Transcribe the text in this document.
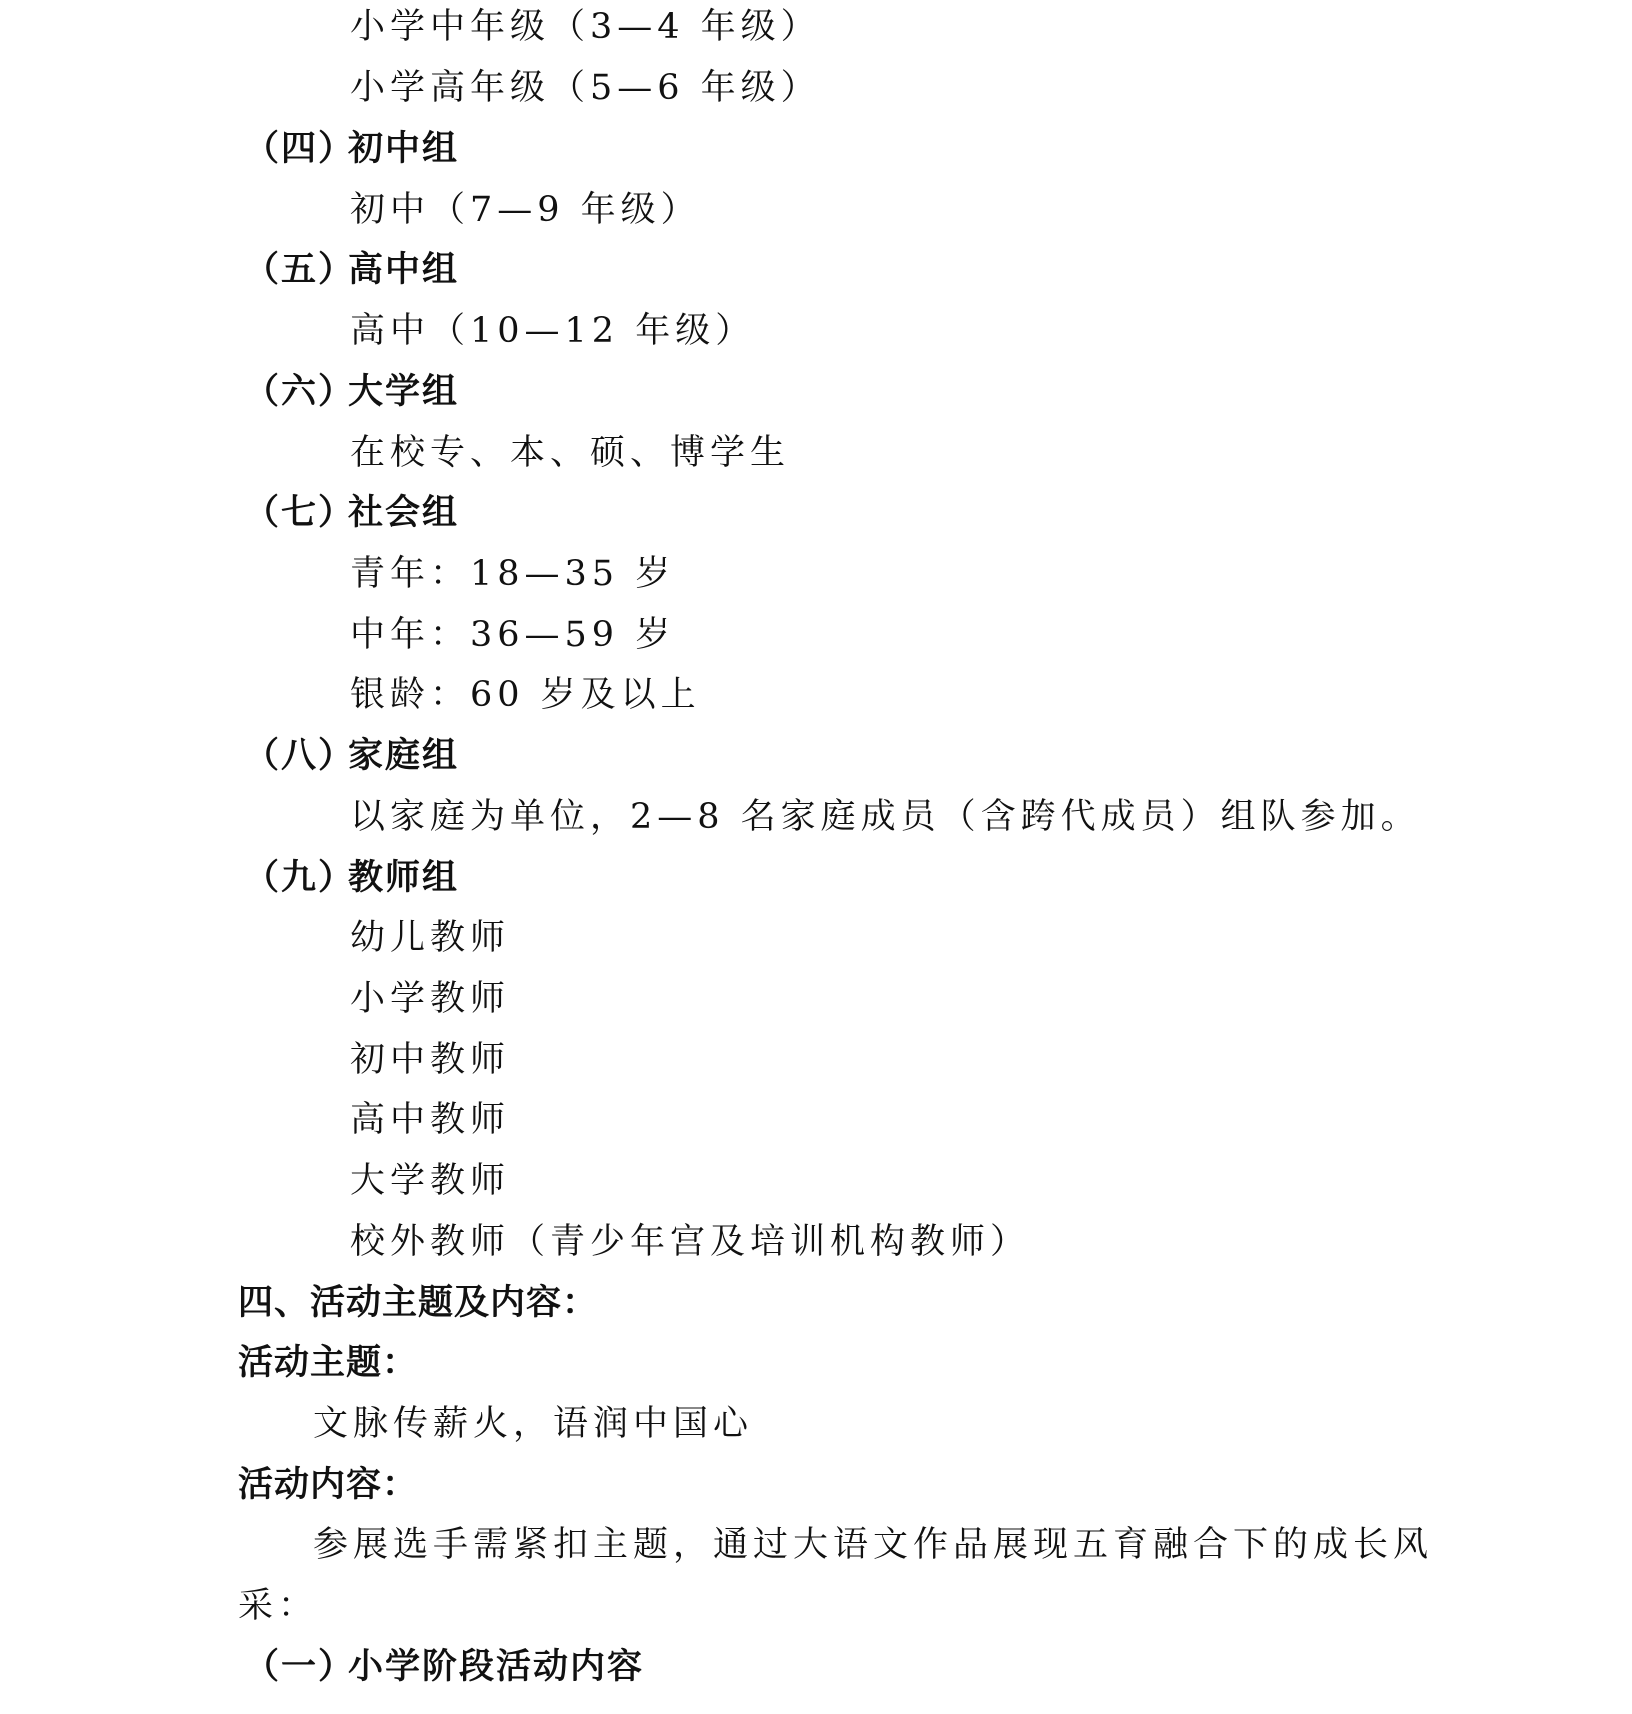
小学中年级（3—4 年级）
小学高年级（5—6 年级）
（四）初中组
初中（7—9 年级）
（五）高中组
高中（10—12 年级）
（六）大学组
在校专、本、硕、博学生
（七）社会组
青年：18—35 岁
中年：36—59 岁
银龄：60 岁及以上
（八）家庭组
以家庭为单位，2—8 名家庭成员（含跨代成员）组队参加。
（九）教师组
幼儿教师
小学教师
初中教师
高中教师
大学教师
校外教师（青少年宫及培训机构教师）
四、活动主题及内容：
活动主题：
文脉传薪火，语润中国心
活动内容：
参展选手需紧扣主题，通过大语文作品展现五育融合下的成长风
采：
（一）小学阶段活动内容
